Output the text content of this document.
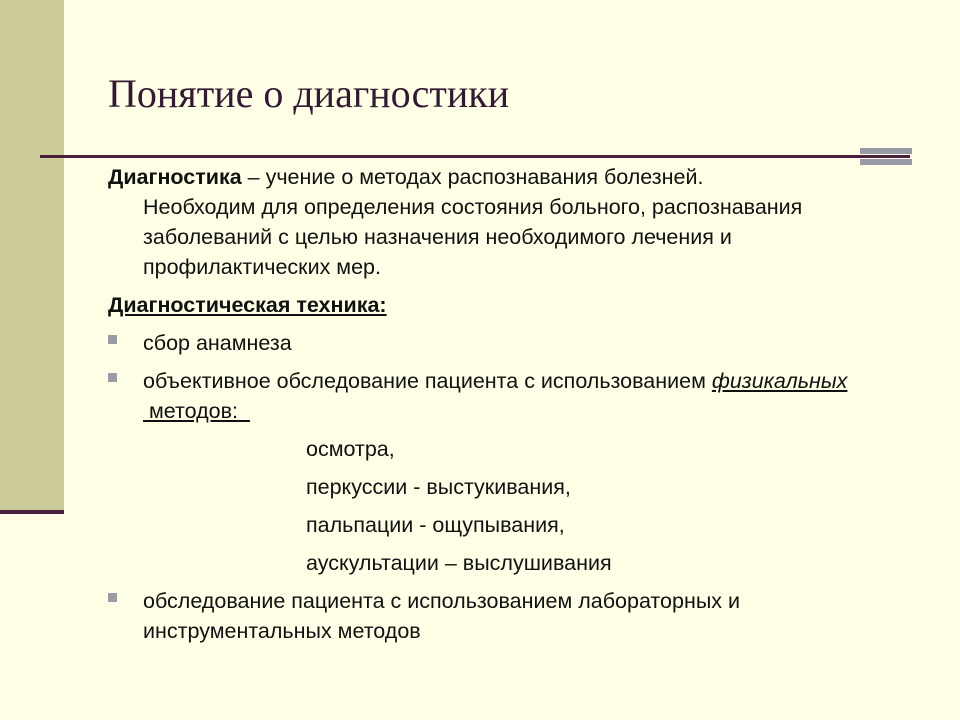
Понятие о диагностики

Диагностика – учение о методах распознавания болезней.
Необходим для определения состояния больного, распознавания заболеваний с целью назначения необходимого лечения и профилактических мер.

Диагностическая техника:
сбор анамнеза
объективное обследование пациента с использованием физикальных методов:
осмотра,
перкуссии - выстукивания,
пальпации - ощупывания,
аускультации – выслушивания
обследование пациента с использованием лабораторных и инструментальных методов
